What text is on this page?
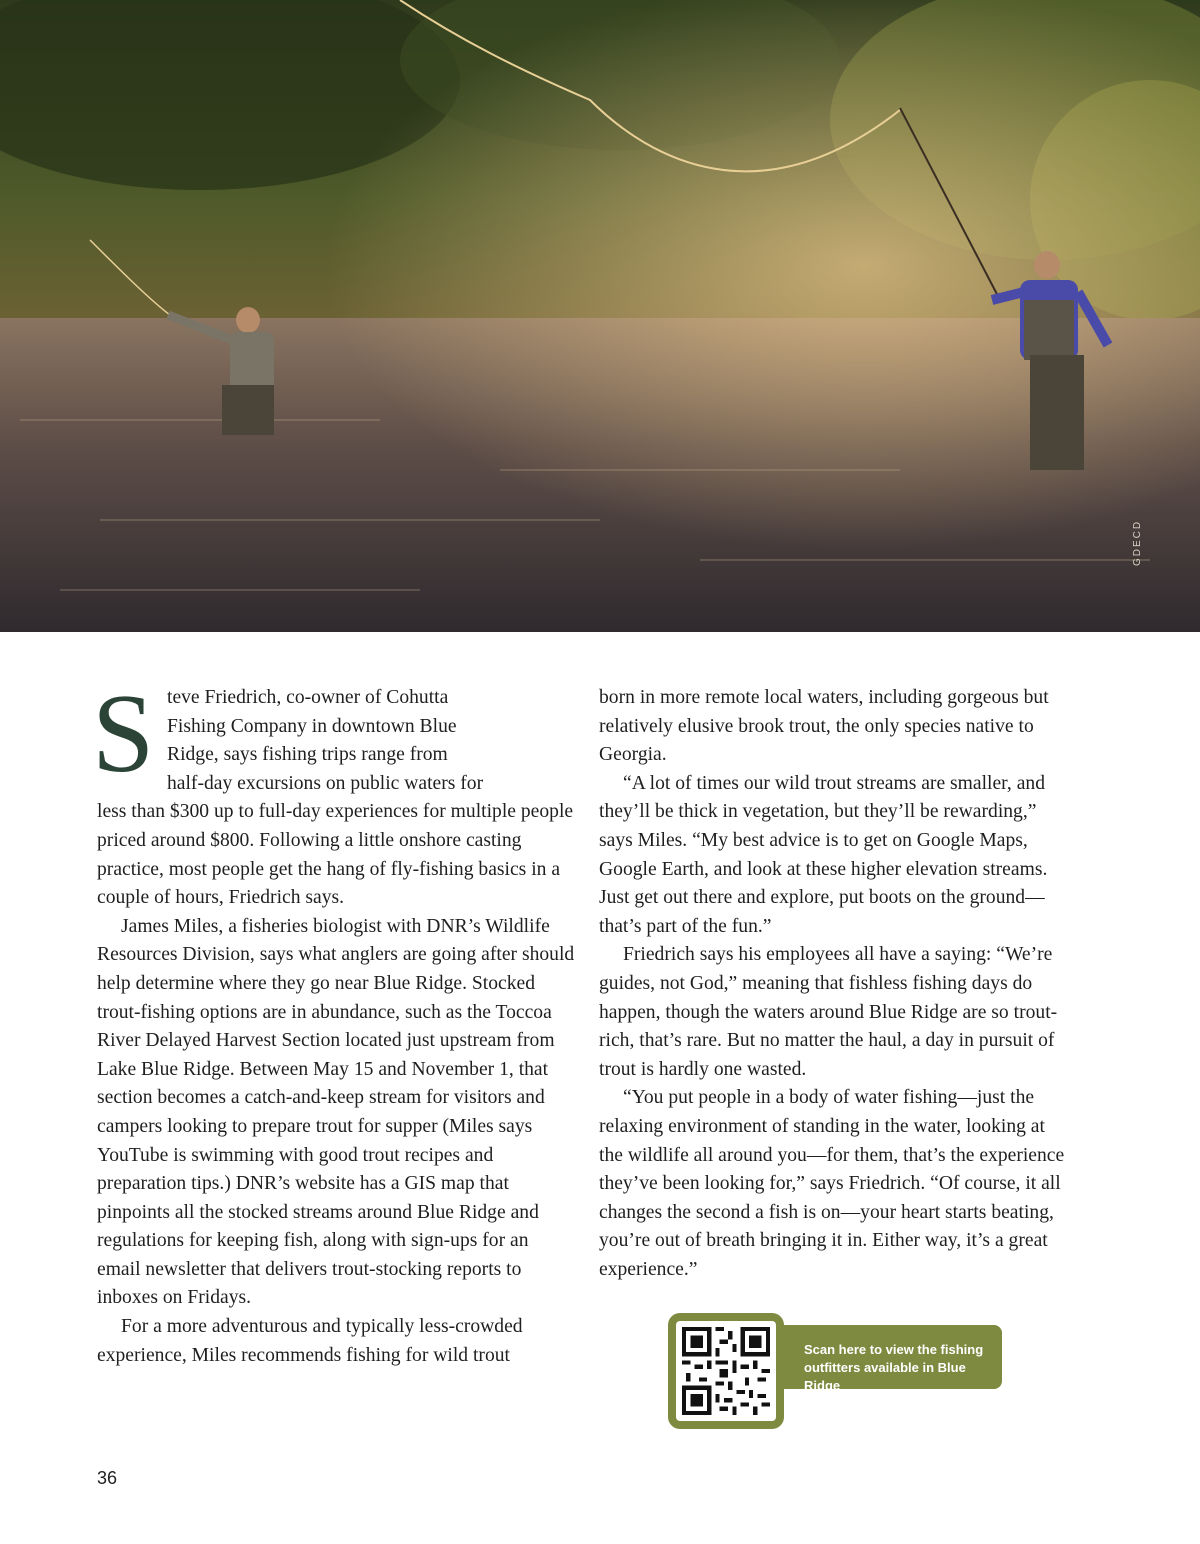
GDECD
S teve Friedrich, co-owner of Cohutta
Fishing Company in downtown Blue
Ridge, says fishing trips range from
half-day excursions on public waters for
less than $300 up to full-day experiences for multiple people priced around $800. Following a little onshore casting practice, most people get the hang of fly-fishing basics in a couple of hours, Friedrich says.

James Miles, a fisheries biologist with DNR’s Wildlife Resources Division, says what anglers are going after should help determine where they go near Blue Ridge. Stocked trout-fishing options are in abundance, such as the Toccoa River Delayed Harvest Section located just upstream from Lake Blue Ridge. Between May 15 and November 1, that section becomes a catch-and-keep stream for visitors and campers looking to prepare trout for supper (Miles says YouTube is swimming with good trout recipes and preparation tips.) DNR’s website has a GIS map that pinpoints all the stocked streams around Blue Ridge and regulations for keeping fish, along with sign-ups for an email newsletter that delivers trout-stocking reports to inboxes on Fridays.

For a more adventurous and typically less-crowded experience, Miles recommends fishing for wild trout

born in more remote local waters, including gorgeous but relatively elusive brook trout, the only species native to Georgia.

“A lot of times our wild trout streams are smaller, and they’ll be thick in vegetation, but they’ll be rewarding,” says Miles. “My best advice is to get on Google Maps, Google Earth, and look at these higher elevation streams. Just get out there and explore, put boots on the ground—that’s part of the fun.”

Friedrich says his employees all have a saying: “We’re guides, not God,” meaning that fishless fishing days do happen, though the waters around Blue Ridge are so trout-rich, that’s rare. But no matter the haul, a day in pursuit of trout is hardly one wasted.

“You put people in a body of water fishing—just the relaxing environment of standing in the water, looking at the wildlife all around you—for them, that’s the experience they’ve been looking for,” says Friedrich. “Of course, it all changes the second a fish is on—your heart starts beating, you’re out of breath bringing it in. Either way, it’s a great experience.”

Scan here to view the fishing outfitters available in Blue Ridge
36
